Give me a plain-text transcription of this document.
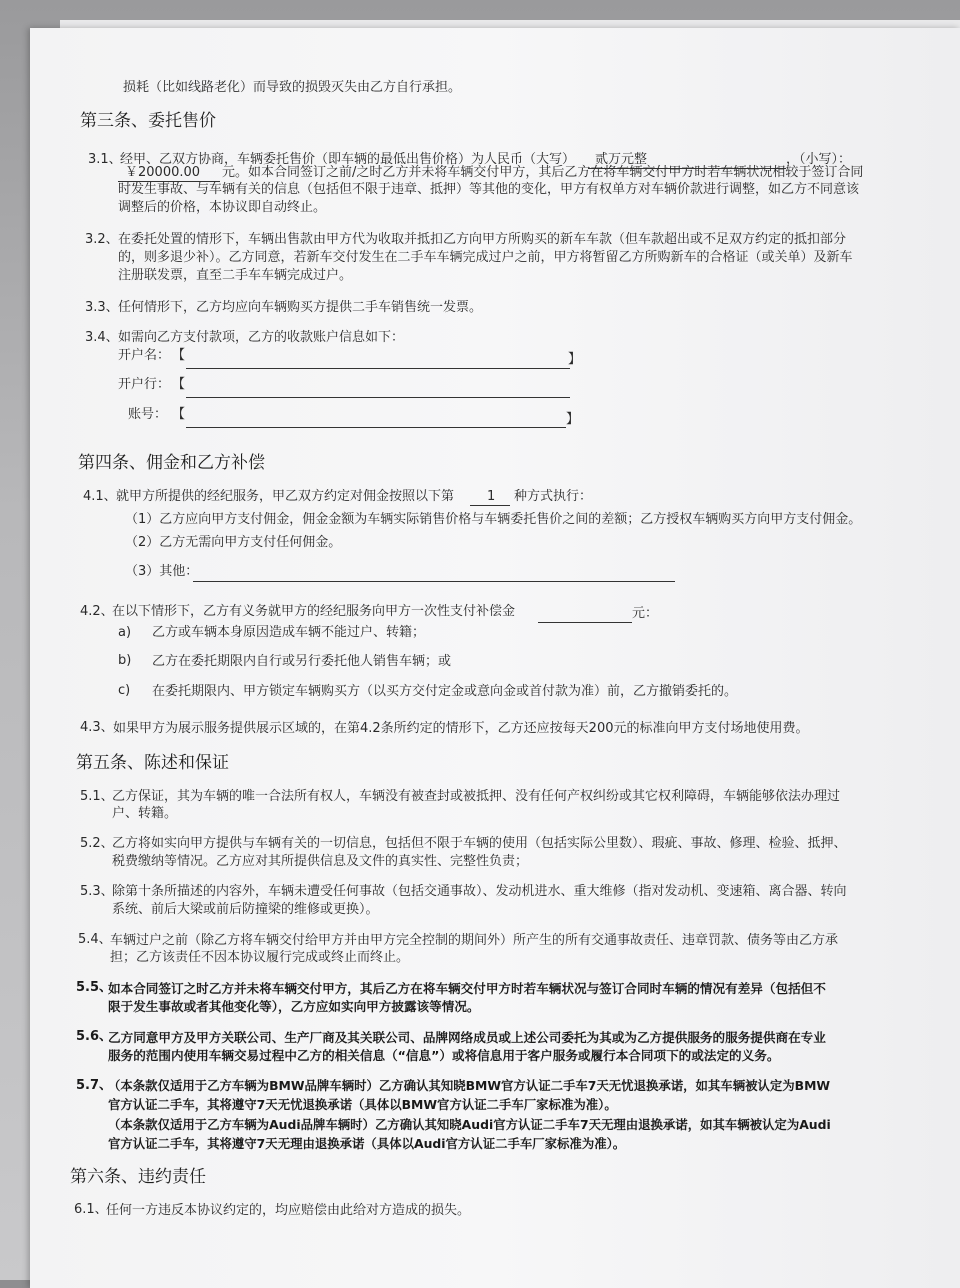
损耗（比如线路老化）而导致的损毁灭失由乙方自行承担。
第三条、委托售价
3.1、
经甲、乙双方协商，车辆委托售价（即车辆的最低出售价格）为人民币（大写） 贰万元整	，（小写）：
￥20000.00 元。如本合同签订之前/之时乙方并未将车辆交付甲方，其后乙方在将车辆交付甲方时若车辆状况相较于签订合同
时发生事故、与车辆有关的信息（包括但不限于违章、抵押）等其他的变化，甲方有权单方对车辆价款进行调整，如乙方不同意该
调整后的价格，本协议即自动终止。
3.2、 在委托处置的情形下，车辆出售款由甲方代为收取并抵扣乙方向甲方所购买的新车车款（但车款超出或不足双方约定的抵扣部分
的，则多退少补）。乙方同意，若新车交付发生在二手车车辆完成过户之前，甲方将暂留乙方所购新车的合格证（或关单）及新车
注册联发票，直至二手车车辆完成过户。
3.3、 任何情形下，乙方均应向车辆购买方提供二手车销售统一发票。
3.4、 如需向乙方支付款项，乙方的收款账户信息如下：
开户名： 【	】
开户行： 【
账号： 【	】
第四条、佣金和乙方补偿
4.1、 就甲方所提供的经纪服务，甲乙双方约定对佣金按照以下第	1 种方式执行：
（1）乙方应向甲方支付佣金，佣金金额为车辆实际销售价格与车辆委托售价之间的差额；乙方授权车辆购买方向甲方支付佣金。
（2）乙方无需向甲方支付任何佣金。
（3）其他：
4.2、
在以下情形下，乙方有义务就甲方的经纪服务向甲方一次性支付补偿金	元：
a) 乙方或车辆本身原因造成车辆不能过户、转籍；
b) 乙方在委托期限内自行或另行委托他人销售车辆；或
c) 在委托期限内、甲方锁定车辆购买方（以买方交付定金或意向金或首付款为准）前，乙方撤销委托的。
4.3、 如果甲方为展示服务提供展示区域的，在第4.2条所约定的情形下，乙方还应按每天200元的标准向甲方支付场地使用费。
第五条、陈述和保证
5.1、
乙方保证，其为车辆的唯一合法所有权人，车辆没有被查封或被抵押、没有任何产权纠纷或其它权利障碍，车辆能够依法办理过
户、转籍。
5.2、
乙方将如实向甲方提供与车辆有关的一切信息，包括但不限于车辆的使用（包括实际公里数）、瑕疵、事故、修理、检验、抵押、
税费缴纳等情况。乙方应对其所提供信息及文件的真实性、完整性负责；
5.3、
除第十条所描述的内容外，车辆未遭受任何事故（包括交通事故）、发动机进水、重大维修（指对发动机、变速箱、离合器、转向
系统、前后大梁或前后防撞梁的维修或更换）。
5.4、
车辆过户之前（除乙方将车辆交付给甲方并由甲方完全控制的期间外）所产生的所有交通事故责任、违章罚款、债务等由乙方承
担；乙方该责任不因本协议履行完成或终止而终止。
5.5、
如本合同签订之时乙方并未将车辆交付甲方，其后乙方在将车辆交付甲方时若车辆状况与签订合同时车辆的情况有差异（包括但不
限于发生事故或者其他变化等），乙方应如实向甲方披露该等情况。
5.6、
乙方同意甲方及甲方关联公司、生产厂商及其关联公司、品牌网络成员或上述公司委托为其或为乙方提供服务的服务提供商在专业
服务的范围内使用车辆交易过程中乙方的相关信息（“信息”）或将信息用于客户服务或履行本合同项下的或法定的义务。
5.7、
（本条款仅适用于乙方车辆为BMW品牌车辆时）乙方确认其知晓BMW官方认证二手车7天无忧退换承诺，如其车辆被认定为BMW
官方认证二手车，其将遵守7天无忧退换承诺（具体以BMW官方认证二手车厂家标准为准）。
（本条款仅适用于乙方车辆为Audi品牌车辆时）乙方确认其知晓Audi官方认证二手车7天无理由退换承诺，如其车辆被认定为Audi
官方认证二手车，其将遵守7天无理由退换承诺（具体以Audi官方认证二手车厂家标准为准）。
第六条、违约责任
6.1、
任何一方违反本协议约定的，均应赔偿由此给对方造成的损失。
